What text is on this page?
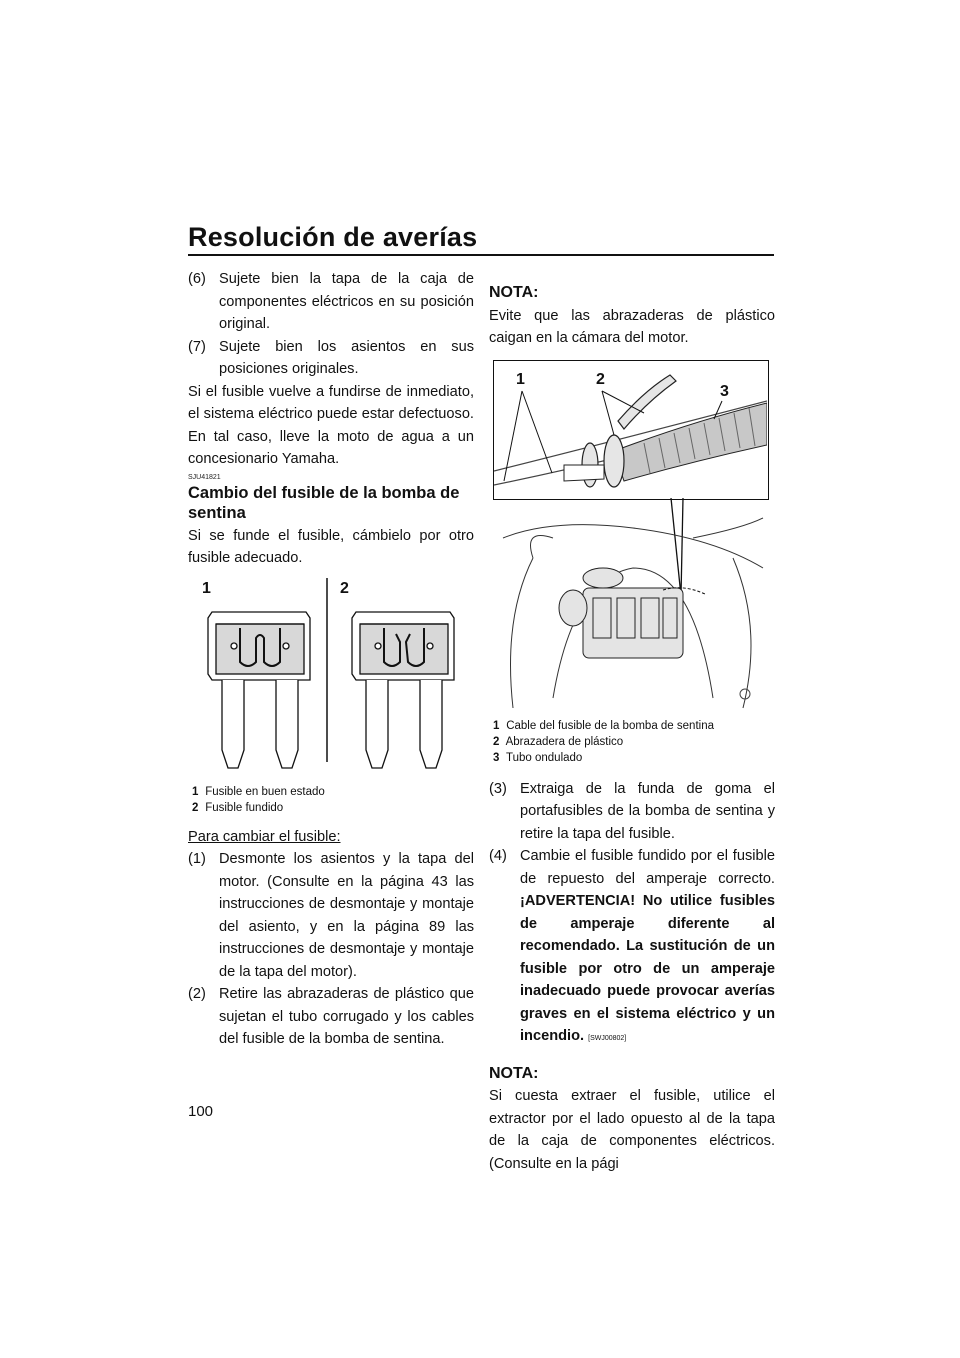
Resolución de averías
(6) Sujete bien la tapa de la caja de componentes eléctricos en su posición original.
(7) Sujete bien los asientos en sus posiciones originales.

Si el fusible vuelve a fundirse de inmediato, el sistema eléctrico puede estar defectuoso. En tal caso, lleve la moto de agua a un concesionario Yamaha.

SJU41821
Cambio del fusible de la bomba de sentina

Si se funde el fusible, cámbielo por otro fusible adecuado.

1	2
1 Fusible en buen estado
2 Fusible fundido

Para cambiar el fusible:

(1) Desmonte los asientos y la tapa del motor. (Consulte en la página 43 las instrucciones de desmontaje y montaje del asiento, y en la página 89 las instrucciones de desmontaje y montaje de la tapa del motor).
(2) Retire las abrazaderas de plástico que sujetan el tubo corrugado y los cables del fusible de la bomba de sentina.
NOTA:

Evite que las abrazaderas de plástico caigan en la cámara del motor.

1	2
3
1 Cable del fusible de la bomba de sentina
2 Abrazadera de plástico
3 Tubo ondulado
(3) Extraiga de la funda de goma el portafusibles de la bomba de sentina y retire la tapa del fusible.
(4) Cambie el fusible fundido por el fusible de repuesto del amperaje correcto. ¡ADVERTENCIA! No utilice fusibles de amperaje diferente al recomendado. La sustitución de un fusible por otro de un amperaje inadecuado puede provocar averías graves en el sistema eléctrico y un incendio. [SWJ00802]
NOTA:

Si cuesta extraer el fusible, utilice el extractor por el lado opuesto al de la tapa de la caja de componentes eléctricos. (Consulte en la pági

100
